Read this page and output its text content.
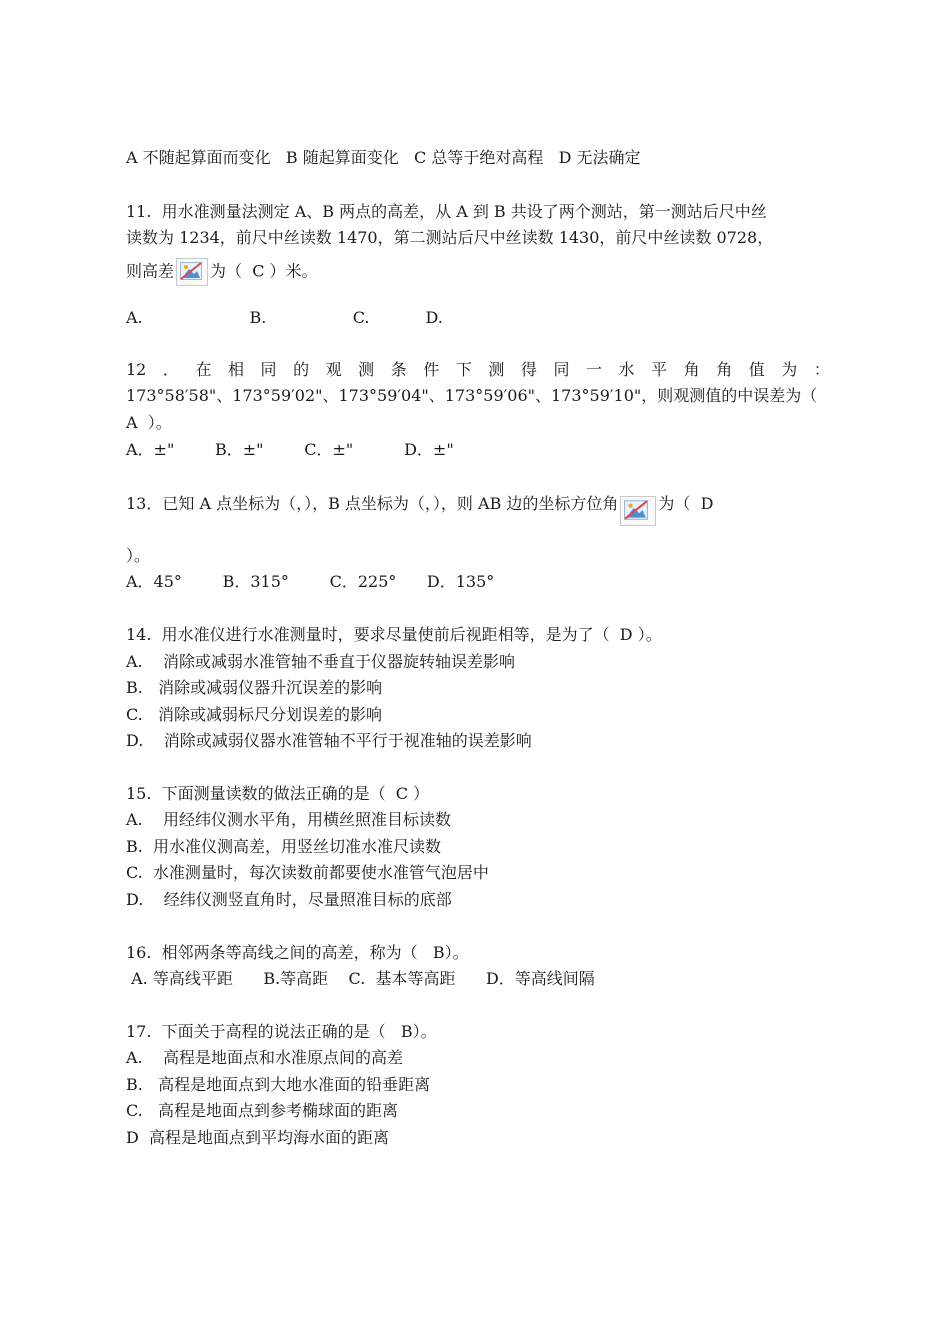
A 不随起算面而变化   B 随起算面变化   C 总等于绝对高程   D 无法确定
11.  用水准测量法测定 A、B 两点的高差，从 A 到 B 共设了两个测站，第一测站后尺中丝
读数为 1234，前尺中丝读数 1470，第二测站后尺中丝读数 1430，前尺中丝读数 0728，
则高差 为（  C ）米。
A.                     B.                 C.           D.
12 ． 在 相 同 的 观 测 条 件 下 测 得 同 一 水 平 角 角 值 为 ：
173°58′58"、173°59′02"、173°59′04"、173°59′06"、173°59′10"，则观测值的中误差为（
A  ）。
A．±"        B．±"        C．±"          D．±"
13．已知 A 点坐标为（，），B 点坐标为（，），则 AB 边的坐标方位角	为（  D
）。
A．45°        B．315°        C．225°      D．135°
14.  用水准仪进行水准测量时，要求尽量使前后视距相等，是为了（  D ）。
A.    消除或减弱水准管轴不垂直于仪器旋转轴误差影响
B.   消除或减弱仪器升沉误差的影响
C.   消除或减弱标尺分划误差的影响
D.    消除或减弱仪器水准管轴不平行于视准轴的误差影响
15.  下面测量读数的做法正确的是（  C ）
A.    用经纬仪测水平角，用横丝照准目标读数
B.  用水准仪测高差，用竖丝切准水准尺读数
C.  水准测量时，每次读数前都要使水准管气泡居中
D.    经纬仪测竖直角时，尽量照准目标的底部
16.  相邻两条等高线之间的高差，称为（   B）。
A. 等高线平距      B.等高距    C.  基本等高距      D．等高线间隔
17.  下面关于高程的说法正确的是（   B）。
A.    高程是地面点和水准原点间的高差
B.   高程是地面点到大地水准面的铅垂距离
C.   高程是地面点到参考椭球面的距离
D  高程是地面点到平均海水面的距离
